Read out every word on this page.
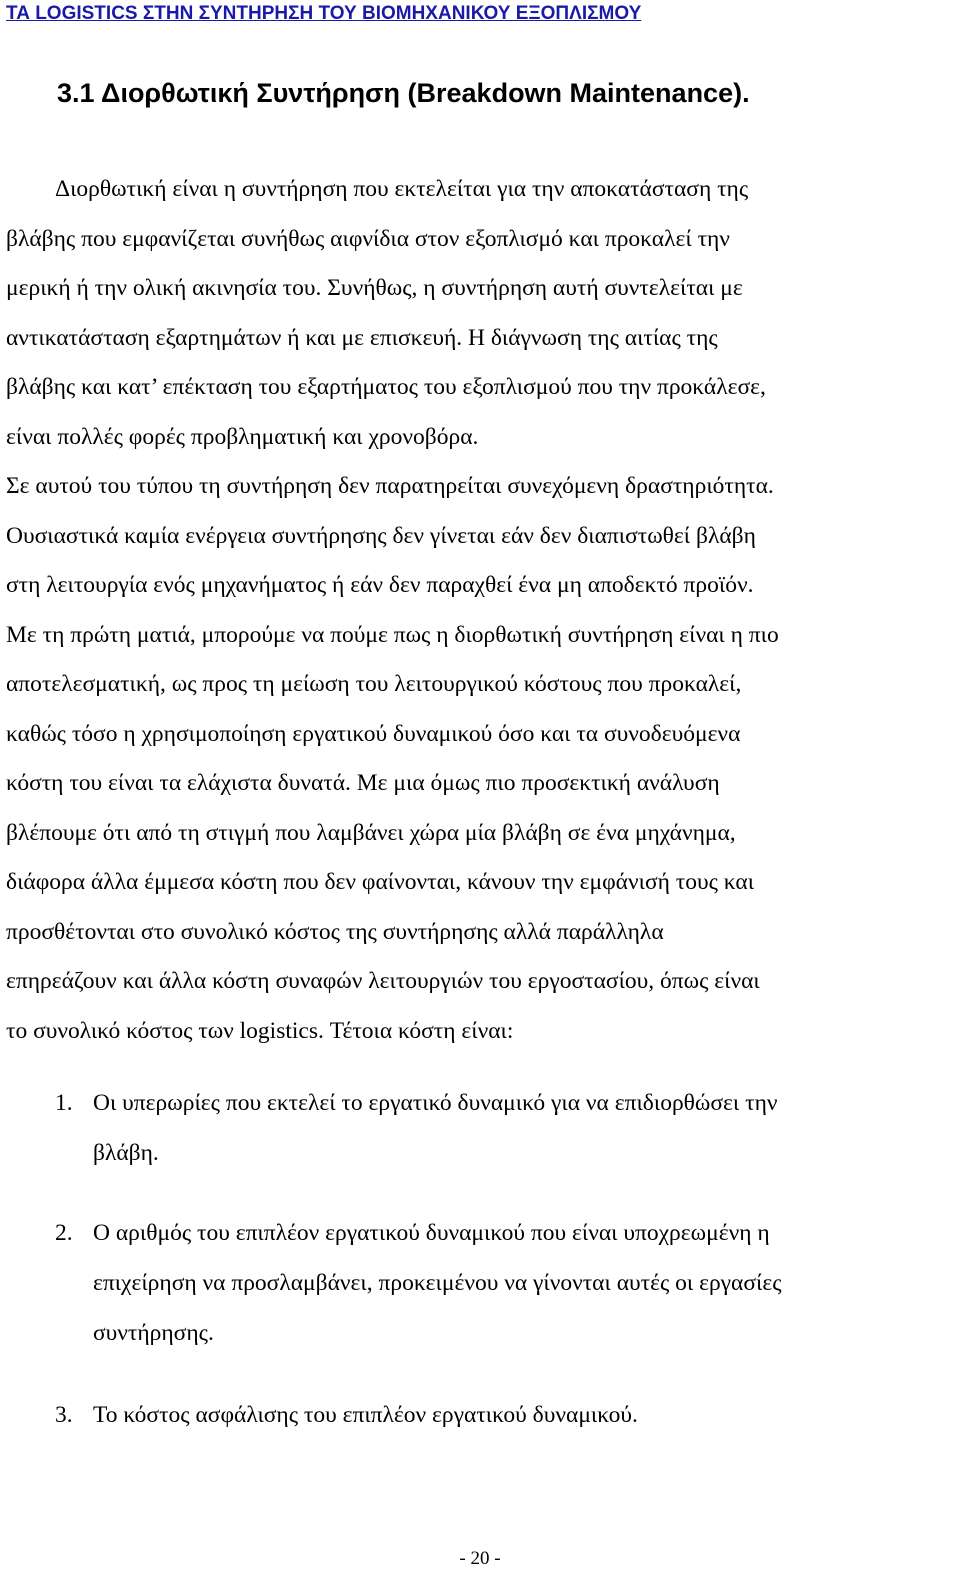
ΤΑ LOGISTICS ΣΤΗΝ ΣΥΝΤΗΡΗΣΗ ΤΟΥ ΒΙΟΜΗΧΑΝΙΚΟΥ ΕΞΟΠΛΙΣΜΟΥ
3.1 Διορθωτική Συντήρηση (Breakdown Maintenance).
Διορθωτική είναι η συντήρηση που εκτελείται για την αποκατάσταση της
βλάβης που εμφανίζεται συνήθως αιφνίδια στον εξοπλισμό και προκαλεί την
μερική ή την ολική ακινησία του. Συνήθως, η συντήρηση αυτή συντελείται με
αντικατάσταση εξαρτημάτων ή και με επισκευή. Η διάγνωση της αιτίας της
βλάβης και κατ’ επέκταση του εξαρτήματος του εξοπλισμού που την προκάλεσε,
είναι πολλές φορές προβληματική και χρονοβόρα.
Σε αυτού του τύπου τη συντήρηση δεν παρατηρείται συνεχόμενη δραστηριότητα.
Ουσιαστικά καμία ενέργεια συντήρησης δεν γίνεται εάν δεν διαπιστωθεί βλάβη
στη λειτουργία ενός μηχανήματος ή εάν δεν παραχθεί ένα μη αποδεκτό προϊόν.
Με τη πρώτη ματιά, μπορούμε να πούμε πως η διορθωτική συντήρηση είναι η πιο
αποτελεσματική, ως προς τη μείωση του λειτουργικού κόστους που προκαλεί,
καθώς τόσο η χρησιμοποίηση εργατικού δυναμικού όσο και τα συνοδευόμενα
κόστη του είναι τα ελάχιστα δυνατά. Με μια όμως πιο προσεκτική ανάλυση
βλέπουμε ότι από τη στιγμή που λαμβάνει χώρα μία βλάβη σε ένα μηχάνημα,
διάφορα άλλα έμμεσα κόστη που δεν φαίνονται, κάνουν την εμφάνισή τους και
προσθέτονται στο συνολικό κόστος της συντήρησης αλλά παράλληλα
επηρεάζουν και άλλα κόστη συναφών λειτουργιών του εργοστασίου, όπως είναι
το συνολικό κόστος των logistics. Τέτοια κόστη είναι:
1. Οι υπερωρίες που εκτελεί το εργατικό δυναμικό για να επιδιορθώσει την
βλάβη.
2. Ο αριθμός του επιπλέον εργατικού δυναμικού που είναι υποχρεωμένη η
επιχείρηση να προσλαμβάνει, προκειμένου να γίνονται αυτές οι εργασίες
συντήρησης.
3. Το κόστος ασφάλισης του επιπλέον εργατικού δυναμικού.
- 20 -
